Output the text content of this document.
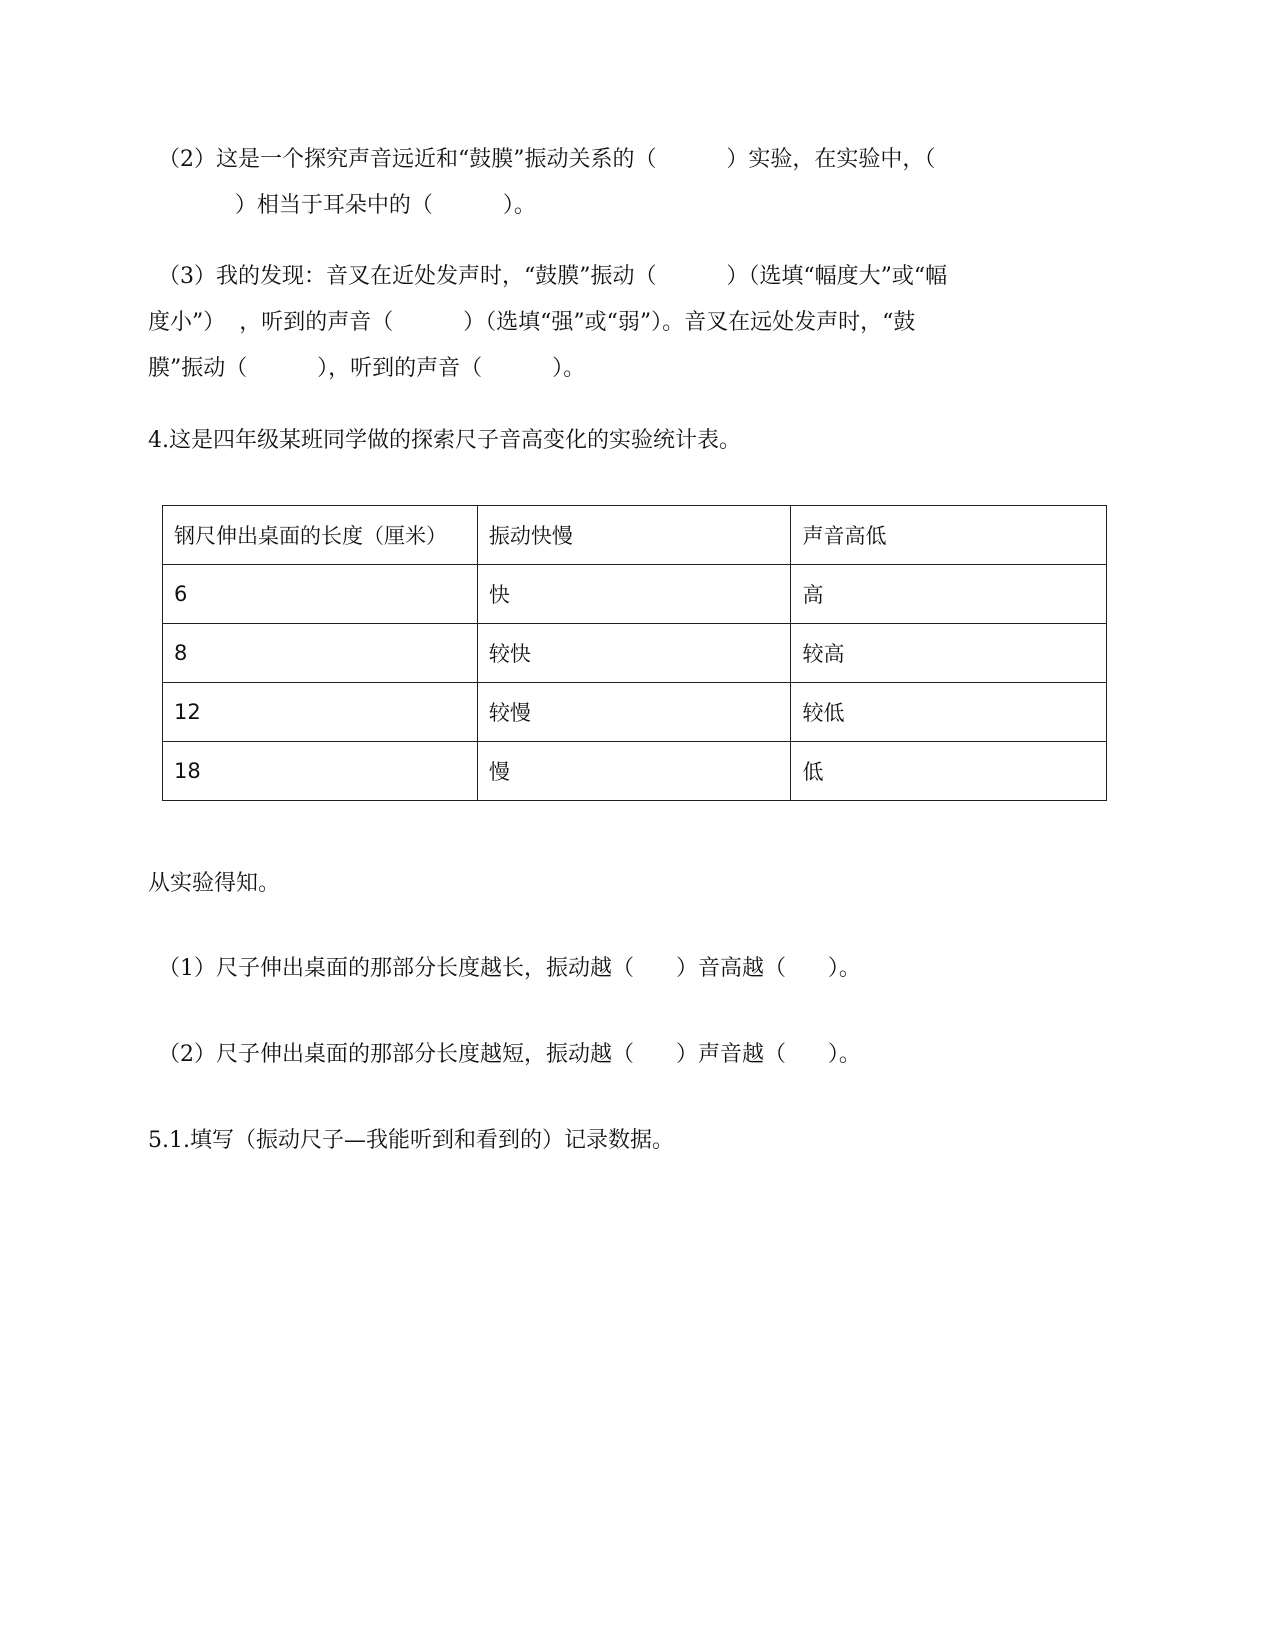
（2）这是一个探究声音远近和“鼓膜”振动关系的（          ）实验，在实验中，（

）相当于耳朵中的（          ）。

（3）我的发现：音叉在近处发声时，“鼓膜”振动（          ）（选填“幅度大”或“幅

度小”）  ，听到的声音（          ）（选填“强”或“弱”）。音叉在远处发声时，“鼓

膜”振动（          ），听到的声音（          ）。

4.这是四年级某班同学做的探索尺子音高变化的实验统计表。

钢尺伸出桌面的长度（厘米）	振动快慢	声音高低
6	快	高
8	较快	较高
12	较慢	较低
18	慢	低

从实验得知。

（1）尺子伸出桌面的那部分长度越长，振动越（      ）音高越（      ）。

（2）尺子伸出桌面的那部分长度越短，振动越（      ）声音越（      ）。

5.1.填写（振动尺子—我能听到和看到的）记录数据。
